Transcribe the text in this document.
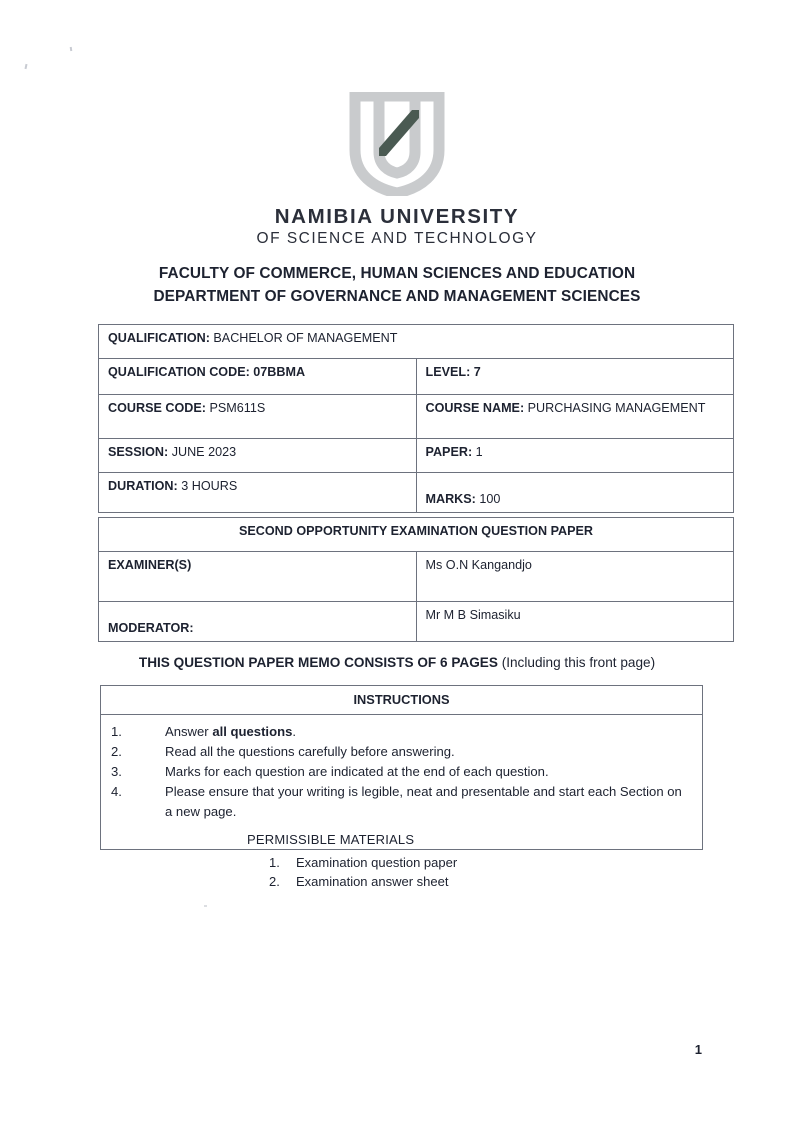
NAMIBIA UNIVERSITY
OF SCIENCE AND TECHNOLOGY
FACULTY OF COMMERCE, HUMAN SCIENCES AND EDUCATION
DEPARTMENT OF GOVERNANCE AND MANAGEMENT SCIENCES
QUALIFICATION: BACHELOR OF MANAGEMENT	
QUALIFICATION CODE: 07BBMA	LEVEL: 7
COURSE CODE: PSM611S	COURSE NAME: PURCHASING MANAGEMENT
SESSION: JUNE 2023	PAPER: 1
DURATION: 3 HOURS	MARKS: 100
SECOND OPPORTUNITY EXAMINATION QUESTION PAPER	
EXAMINER(S)	Ms O.N Kangandjo
MODERATOR:	Mr M B Simasiku
THIS QUESTION PAPER MEMO CONSISTS OF 6 PAGES (Including this front page)
INSTRUCTIONS
1.	Answer all questions.
2.	Read all the questions carefully before answering.
3.	Marks for each question are indicated at the end of each question.
4.	Please ensure that your writing is legible, neat and presentable and start each Section on a new page.
PERMISSIBLE MATERIALS
1.	Examination question paper
2.	Examination answer sheet
1
